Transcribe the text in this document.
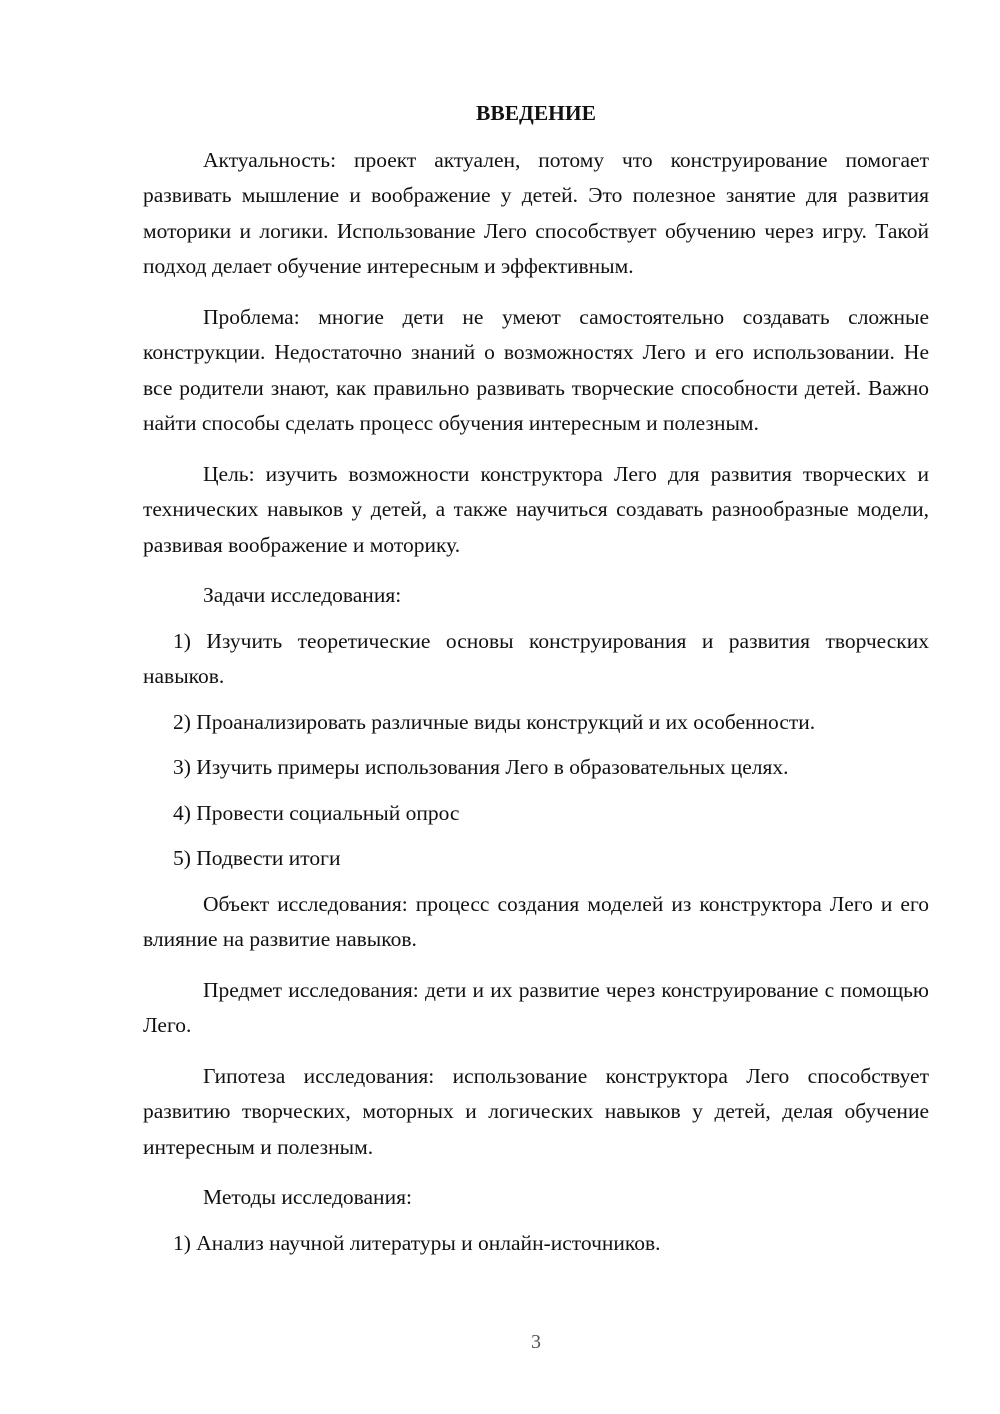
ВВЕДЕНИЕ

Актуальность: проект актуален, потому что конструирование помогает развивать мышление и воображение у детей. Это полезное занятие для развития моторики и логики. Использование Лего способствует обучению через игру. Такой подход делает обучение интересным и эффективным.

Проблема: многие дети не умеют самостоятельно создавать сложные конструкции. Недостаточно знаний о возможностях Лего и его использовании. Не все родители знают, как правильно развивать творческие способности детей. Важно найти способы сделать процесс обучения интересным и полезным.

Цель: изучить возможности конструктора Лего для развития творческих и технических навыков у детей, а также научиться создавать разнообразные модели, развивая воображение и моторику.

Задачи исследования:

1) Изучить теоретические основы конструирования и развития творческих навыков.

2) Проанализировать различные виды конструкций и их особенности.

3) Изучить примеры использования Лего в образовательных целях.

4) Провести социальный опрос

5) Подвести итоги

Объект исследования: процесс создания моделей из конструктора Лего и его влияние на развитие навыков.

Предмет исследования: дети и их развитие через конструирование с помощью Лего.

Гипотеза исследования: использование конструктора Лего способствует развитию творческих, моторных и логических навыков у детей, делая обучение интересным и полезным.

Методы исследования:

1) Анализ научной литературы и онлайн-источников.

3
